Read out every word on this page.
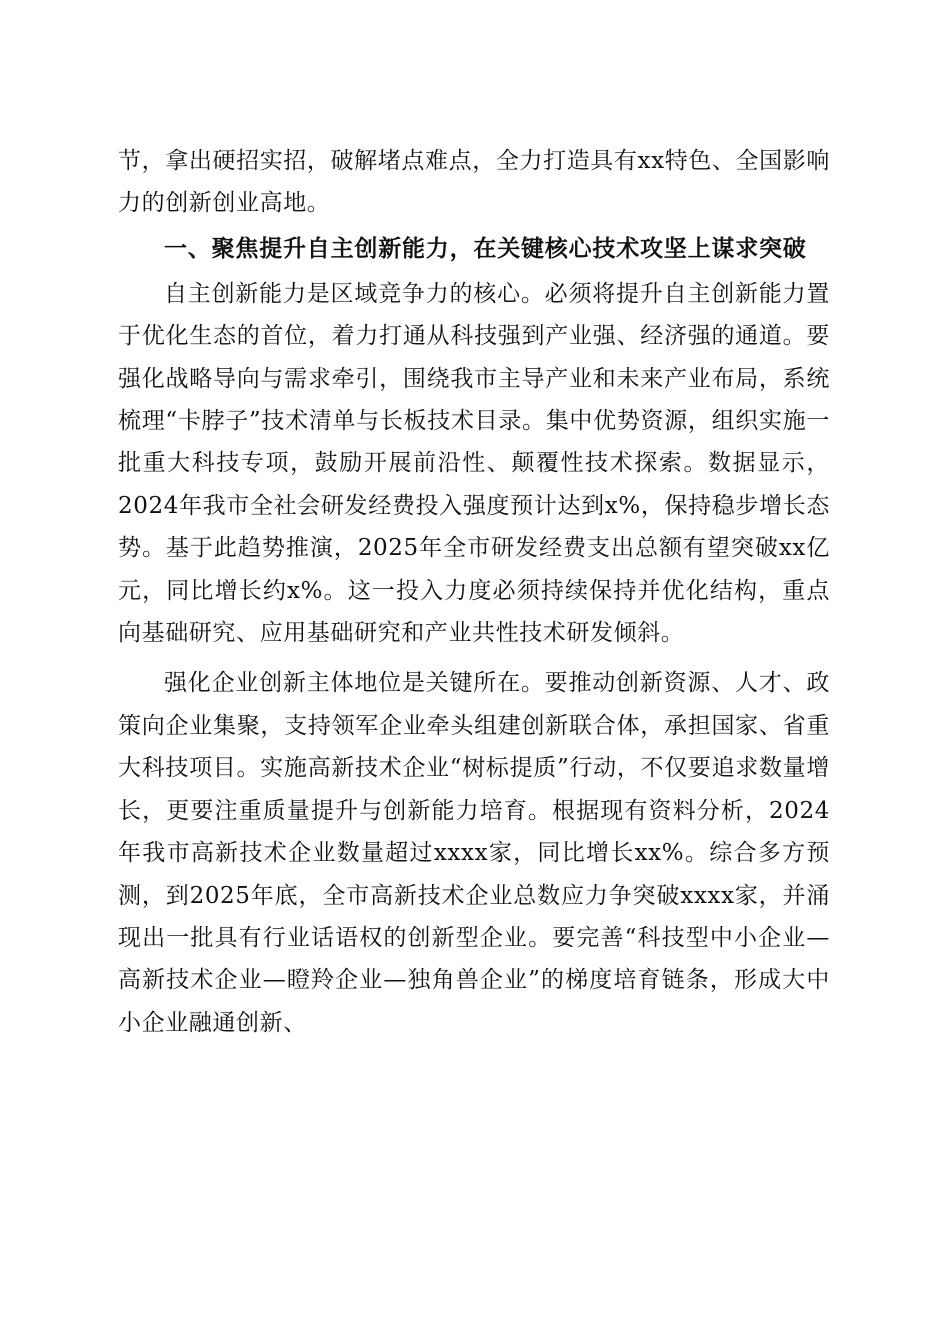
节，拿出硬招实招，破解堵点难点，全力打造具有xx特色、全国影响力的创新创业高地。

一、聚焦提升自主创新能力，在关键核心技术攻坚上谋求突破

自主创新能力是区域竞争力的核心。必须将提升自主创新能力置于优化生态的首位，着力打通从科技强到产业强、经济强的通道。要强化战略导向与需求牵引，围绕我市主导产业和未来产业布局，系统梳理“卡脖子”技术清单与长板技术目录。集中优势资源，组织实施一批重大科技专项，鼓励开展前沿性、颠覆性技术探索。数据显示，2024年我市全社会研发经费投入强度预计达到x%，保持稳步增长态势。基于此趋势推演，2025年全市研发经费支出总额有望突破xx亿元，同比增长约x%。这一投入力度必须持续保持并优化结构，重点向基础研究、应用基础研究和产业共性技术研发倾斜。

强化企业创新主体地位是关键所在。要推动创新资源、人才、政策向企业集聚，支持领军企业牵头组建创新联合体，承担国家、省重大科技项目。实施高新技术企业“树标提质”行动，不仅要追求数量增长，更要注重质量提升与创新能力培育。根据现有资料分析，2024年我市高新技术企业数量超过xxxx家，同比增长xx%。综合多方预测，到2025年底，全市高新技术企业总数应力争突破xxxx家，并涌现出一批具有行业话语权的创新型企业。要完善“科技型中小企业—高新技术企业—瞪羚企业—独角兽企业”的梯度培育链条，形成大中小企业融通创新、
